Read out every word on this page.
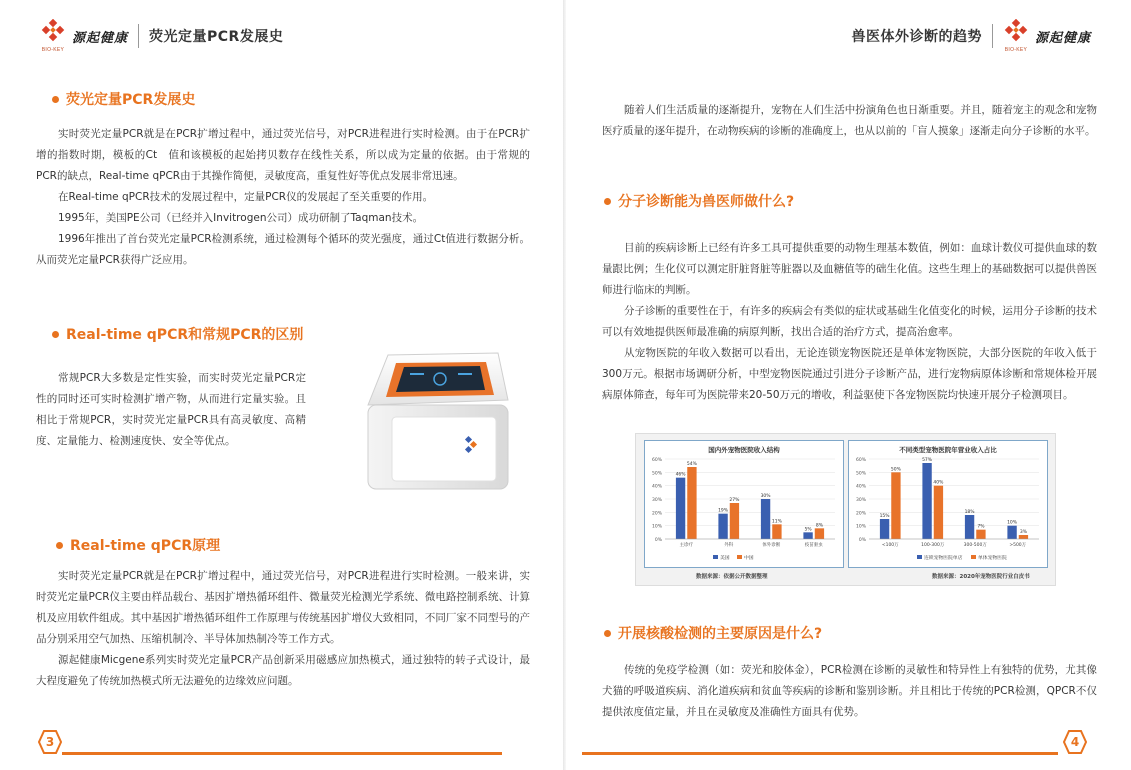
BIO-KEY
源起健康 荧光定量PCR发展史
荧光定量PCR发展史

实时荧光定量PCR就是在PCR扩增过程中，通过荧光信号，对PCR进程进行实时检测。由于在PCR扩增的指数时期，模板的Ct　值和该模板的起始拷贝数存在线性关系，所以成为定量的依据。由于常规的PCR的缺点，Real-time qPCR由于其操作简便，灵敏度高，重复性好等优点发展非常迅速。

在Real-time qPCR技术的发展过程中，定量PCR仪的发展起了至关重要的作用。

1995年，美国PE公司（已经并入Invitrogen公司）成功研制了Taqman技术。

1996年推出了首台荧光定量PCR检测系统，通过检测每个循环的荧光强度，通过Ct值进行数据分析。从而荧光定量PCR获得广泛应用。

Real-time qPCR和常规PCR的区别

常规PCR大多数是定性实验，而实时荧光定量PCR定性的同时还可实时检测扩增产物，从而进行定量实验。且相比于常规PCR，实时荧光定量PCR具有高灵敏度、高精度、定量能力、检测速度快、安全等优点。

Real-time qPCR原理

实时荧光定量PCR就是在PCR扩增过程中，通过荧光信号，对PCR进程进行实时检测。一般来讲，实时荧光定量PCR仪主要由样品载台、基因扩增热循环组件、微量荧光检测光学系统、微电路控制系统、计算机及应用软件组成。其中基因扩增热循环组件工作原理与传统基因扩增仪大致相同，不同厂家不同型号的产品分别采用空气加热、压缩机制冷、半导体加热制冷等工作方式。

源起健康Micgene系列实时荧光定量PCR产品创新采用磁感应加热模式，通过独特的转子式设计，最大程度避免了传统加热模式所无法避免的边缘效应问题。

3
兽医体外诊断的趋势
BIO-KEY
源起健康

随着人们生活质量的逐渐提升，宠物在人们生活中扮演角色也日渐重要。并且，随着宠主的观念和宠物医疗质量的逐年提升，在动物疾病的诊断的准确度上，也从以前的「盲人摸象」逐渐走向分子诊断的水平。

分子诊断能为兽医师做什么?

目前的疾病诊断上已经有许多工具可提供重要的动物生理基本数值，例如：血球计数仪可提供血球的数量跟比例；生化仪可以测定肝脏肾脏等脏器以及血糖值等的础生化值。这些生理上的基础数据可以提供兽医师进行临床的判断。

分子诊断的重要性在于，有许多的疾病会有类似的症状或基础生化值变化的时候，运用分子诊断的技术可以有效地提供医师最准确的病原判断，找出合适的治疗方式，提高治愈率。

从宠物医院的年收入数据可以看出，无论连锁宠物医院还是单体宠物医院，大部分医院的年收入低于300万元。根据市场调研分析，中型宠物医院通过引进分子诊断产品，进行宠物病原体诊断和常规体检开展病原体筛查，每年可为医院带来20-50万元的增收，利益驱使下各宠物医院均快速开展分子检测项目。

开展核酸检测的主要原因是什么?

传统的免疫学检测（如：荧光和胶体金），PCR检测在诊断的灵敏性和特异性上有独特的优势，尤其像犬猫的呼吸道疾病、消化道疾病和贫血等疾病的诊断和鉴别诊断。并且相比于传统的PCR检测，QPCR不仅提供浓度值定量，并且在灵敏度及准确性方面具有优势。

4
国内外宠物医院收入结构
0%
10%
20%
30%
40%
50%
60%
46%
54%
主诊疗
19%
27%
外科
30%
11%
体外诊断
5%
8%
疫苗驱虫
美国	中国
不同类型宠物医院年营业收入占比
0%
10%
20%
30%
40%
50%
60%
15%
50%
<100万
57%
40%
100-300万
18%
7%
300-500万
10%
3%
>500万
连锁宠物医院单店	单体宠物医院
数据来源：依据公开数据整理	数据来源：2020年宠物医院行业白皮书
